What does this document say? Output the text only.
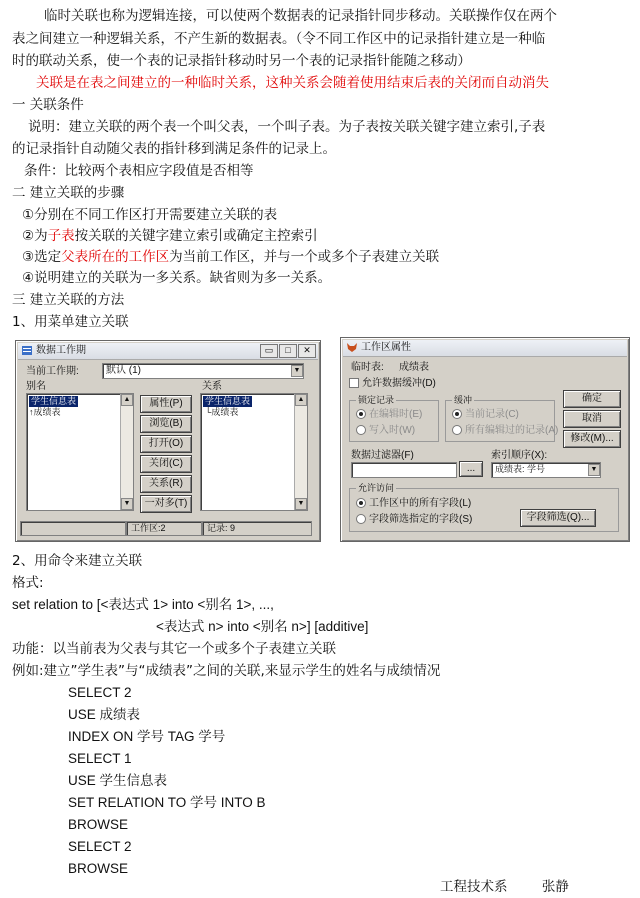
临时关联也称为逻辑连接，可以使两个数据表的记录指针同步移动。关联操作仅在两个
表之间建立一种逻辑关系，不产生新的数据表。（令不同工作区中的记录指针建立是一种临
时的联动关系，使一个表的记录指针移动时另一个表的记录指针能随之移动）
关联是在表之间建立的一种临时关系，这种关系会随着使用结束后表的关闭而自动消失
一 关联条件
说明：建立关联的两个表一个叫父表，一个叫子表。为子表按关联关键字建立索引,子表
的记录指针自动随父表的指针移到满足条件的记录上。
条件：比较两个表相应字段值是否相等
二 建立关联的步骤
①分别在不同工作区打开需要建立关联的表
②为子表按关联的关键字建立索引或确定主控索引
③选定父表所在的工作区为当前工作区，并与一个或多个子表建立关联
④说明建立的关联为一多关系。缺省则为多一关系。
三 建立关联的方法
1、用菜单建立关联
数据工作期	▭	□	✕
当前工作期:	默认 (1)	▼
别名	关系
学生信息表
↑成绩表
▲
▼
属性(P)
浏览(B)
打开(O)
关闭(C)
关系(R)
一对多(T)
学生信息表
└成绩表
▲
▼
工作区:2	记录: 9
工作区属性
临时表: 成绩表
允许数据缓冲(D)
锁定记录
在编辑时(E)
写入时(W)
缓冲
当前记录(C)
所有编辑过的记录(A)
确定
取消
修改(M)...
数据过滤器(F)	索引顺序(X):
...	成绩表: 学号	▼
允许访问
工作区中的所有字段(L)
字段筛选指定的字段(S)	字段筛选(Q)...
2、用命令来建立关联
格式:
set relation to [<表达式 1> into <别名 1>, ...,
<表达式 n> into <别名 n>] [additive]
功能：以当前表为父表与其它一个或多个子表建立关联
例如:建立”学生表”与“成绩表”之间的关联,来显示学生的姓名与成绩情况
SELECT 2
USE 成绩表
INDEX ON 学号 TAG 学号
SELECT 1
USE 学生信息表
SET RELATION TO 学号 INTO B
BROWSE
SELECT 2
BROWSE
工程技术系        张静
